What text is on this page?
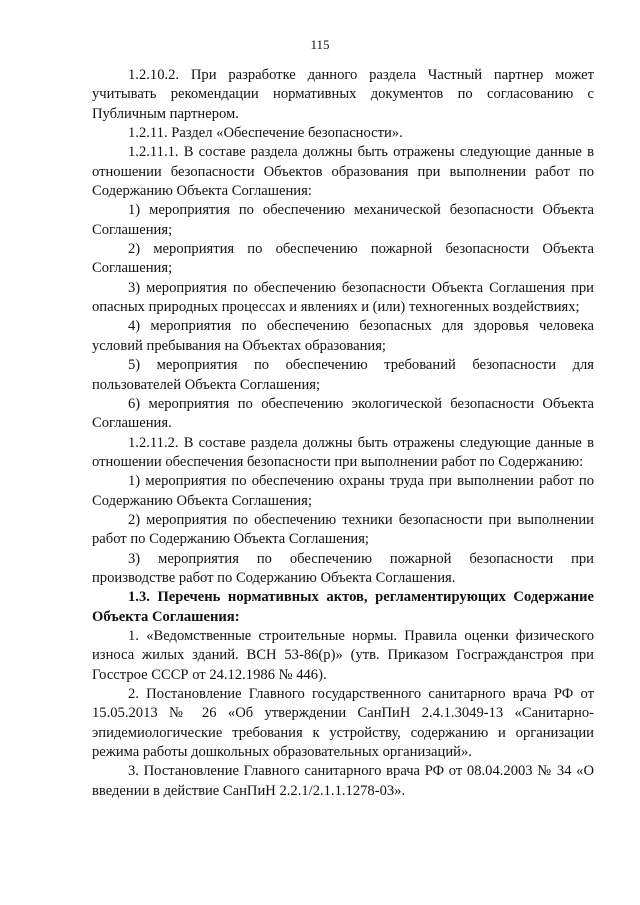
115

1.2.10.2. При разработке данного раздела Частный партнер может учитывать рекомендации нормативных документов по согласованию с Публичным партнером.

1.2.11. Раздел «Обеспечение безопасности».

1.2.11.1. В составе раздела должны быть отражены следующие данные в отношении безопасности Объектов образования при выполнении работ по Содержанию Объекта Соглашения:

1) мероприятия по обеспечению механической безопасности Объекта Соглашения;

2) мероприятия по обеспечению пожарной безопасности Объекта Соглашения;

3) мероприятия по обеспечению безопасности Объекта Соглашения при опасных природных процессах и явлениях и (или) техногенных воздействиях;

4) мероприятия по обеспечению безопасных для здоровья человека условий пребывания на Объектах образования;

5) мероприятия по обеспечению требований безопасности для пользователей Объекта Соглашения;

6) мероприятия по обеспечению экологической безопасности Объекта Соглашения.

1.2.11.2. В составе раздела должны быть отражены следующие данные в отношении обеспечения безопасности при выполнении работ по Содержанию:

1) мероприятия по обеспечению охраны труда при выполнении работ по Содержанию Объекта Соглашения;

2) мероприятия по обеспечению техники безопасности при выполнении работ по Содержанию Объекта Соглашения;

3) мероприятия по обеспечению пожарной безопасности при производстве работ по Содержанию Объекта Соглашения.

1.3. Перечень нормативных актов, регламентирующих Содержание Объекта Соглашения:

1. «Ведомственные строительные нормы. Правила оценки физического износа жилых зданий. ВСН 53-86(р)» (утв. Приказом Госгражданстроя при Госстрое СССР от 24.12.1986 № 446).

2. Постановление Главного государственного санитарного врача РФ от 15.05.2013 № 26 «Об утверждении СанПиН 2.4.1.3049-13 «Санитарно-эпидемиологические требования к устройству, содержанию и организации режима работы дошкольных образовательных организаций».

3. Постановление Главного санитарного врача РФ от 08.04.2003 № 34 «О введении в действие СанПиН 2.2.1/2.1.1.1278-03».
